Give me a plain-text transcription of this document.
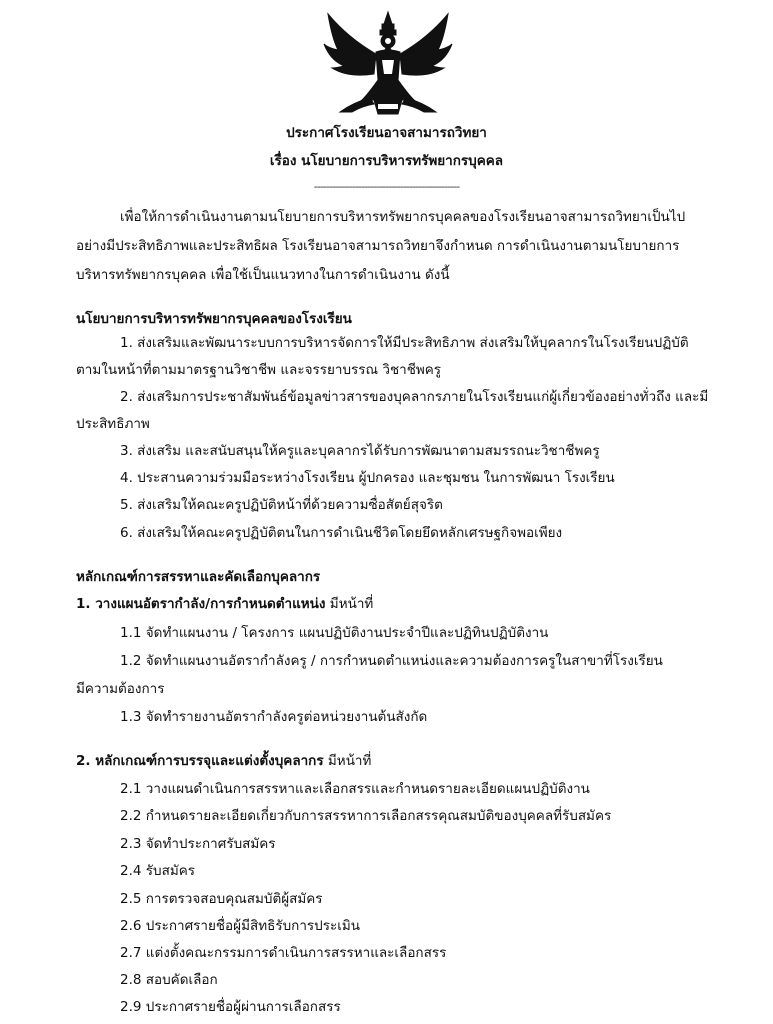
ประกาศโรงเรียนอาจสามารถวิทยา
เรื่อง นโยบายการบริหารทรัพยากรบุคคล
-------------------------------------------------
เพื่อให้การดำเนินงานตามนโยบายการบริหารทรัพยากรบุคคลของโรงเรียนอาจสามารถวิทยาเป็นไป
อย่างมีประสิทธิภาพและประสิทธิผล โรงเรียนอาจสามารถวิทยาจึงกำหนด การดำเนินงานตามนโยบายการ
บริหารทรัพยากรบุคคล เพื่อใช้เป็นแนวทางในการดำเนินงาน ดังนี้
นโยบายการบริหารทรัพยากรบุคคลของโรงเรียน
1. ส่งเสริมและพัฒนาระบบการบริหารจัดการให้มีประสิทธิภาพ ส่งเสริมให้บุคลากรในโรงเรียนปฏิบัติ
ตามในหน้าที่ตามมาตรฐานวิชาชีพ และจรรยาบรรณ วิชาชีพครู
2. ส่งเสริมการประชาสัมพันธ์ข้อมูลข่าวสารของบุคลากรภายในโรงเรียนแก่ผู้เกี่ยวข้องอย่างทั่วถึง และมี
ประสิทธิภาพ
3. ส่งเสริม และสนับสนุนให้ครูและบุคลากรได้รับการพัฒนาตามสมรรถนะวิชาชีพครู
4. ประสานความร่วมมือระหว่างโรงเรียน ผู้ปกครอง และชุมชน ในการพัฒนา โรงเรียน
5. ส่งเสริมให้คณะครูปฏิบัติหน้าที่ด้วยความซื่อสัตย์สุจริต
6. ส่งเสริมให้คณะครูปฏิบัติตนในการดำเนินชีวิตโดยยึดหลักเศรษฐกิจพอเพียง
หลักเกณฑ์การสรรหาและคัดเลือกบุคลากร
1. วางแผนอัตรากำลัง/การกำหนดตำแหน่ง มีหน้าที่
1.1 จัดทำแผนงาน / โครงการ แผนปฏิบัติงานประจำปีและปฏิทินปฏิบัติงาน
1.2 จัดทำแผนงานอัตรากำลังครู / การกำหนดตำแหน่งและความต้องการครูในสาขาที่โรงเรียน
มีความต้องการ
1.3 จัดทำรายงานอัตรากำลังครูต่อหน่วยงานต้นสังกัด
2. หลักเกณฑ์การบรรจุและแต่งตั้งบุคลากร มีหน้าที่
2.1 วางแผนดำเนินการสรรหาและเลือกสรรและกำหนดรายละเอียดแผนปฏิบัติงาน
2.2 กำหนดรายละเอียดเกี่ยวกับการสรรหาการเลือกสรรคุณสมบัติของบุคคลที่รับสมัคร
2.3 จัดทำประกาศรับสมัคร
2.4 รับสมัคร
2.5 การตรวจสอบคุณสมบัติผู้สมัคร
2.6 ประกาศรายชื่อผู้มีสิทธิรับการประเมิน
2.7 แต่งตั้งคณะกรรมการดำเนินการสรรหาและเลือกสรร
2.8 สอบคัดเลือก
2.9 ประกาศรายชื่อผู้ผ่านการเลือกสรร
